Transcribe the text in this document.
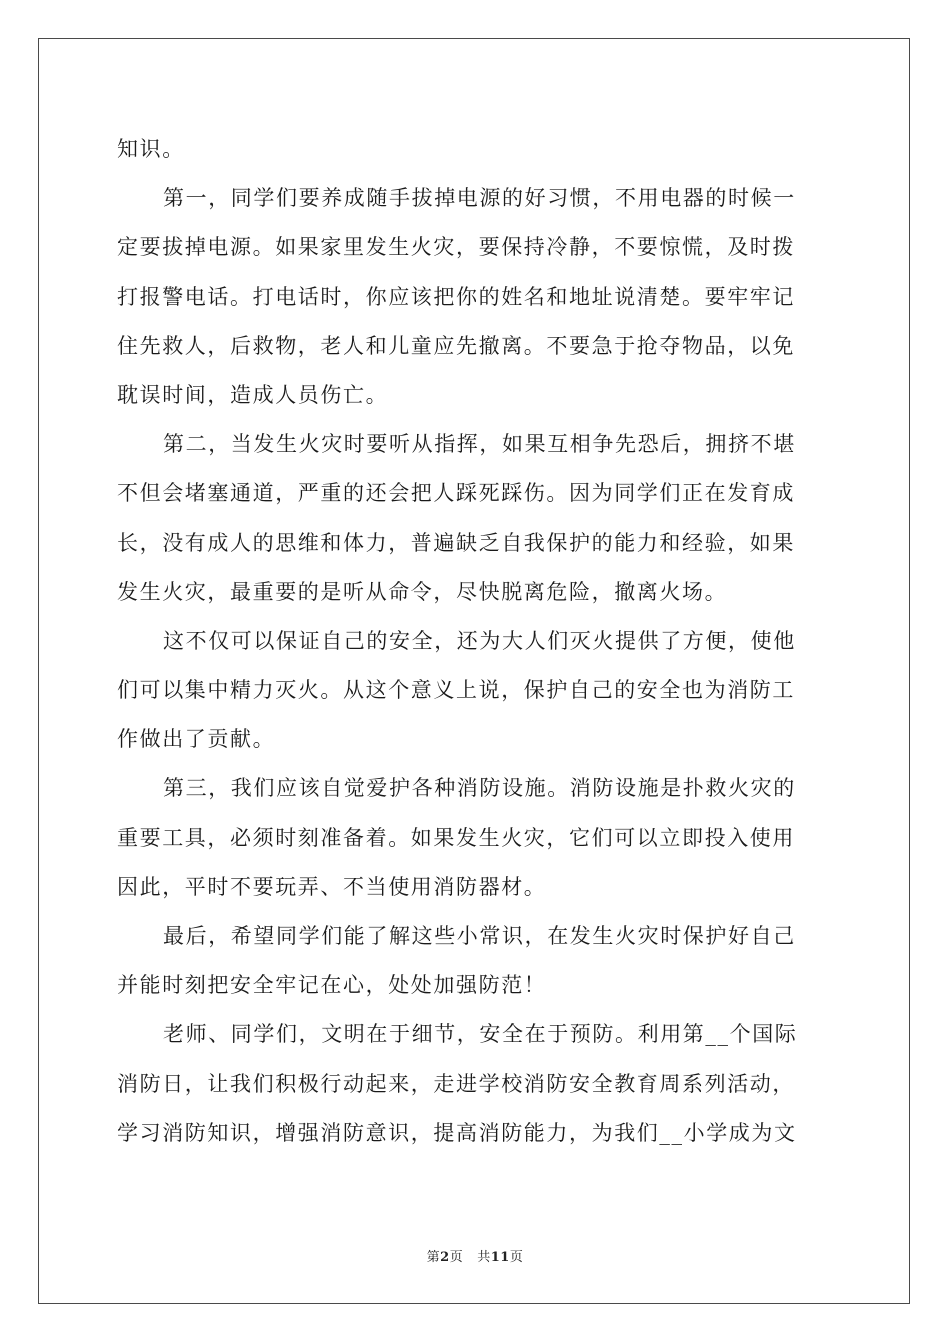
知识。
第一，同学们要养成随手拔掉电源的好习惯，不用电器的时候一
定要拔掉电源。如果家里发生火灾，要保持冷静，不要惊慌，及时拨
打报警电话。打电话时，你应该把你的姓名和地址说清楚。要牢牢记
住先救人，后救物，老人和儿童应先撤离。不要急于抢夺物品，以免
耽误时间，造成人员伤亡。
第二，当发生火灾时要听从指挥，如果互相争先恐后，拥挤不堪
不但会堵塞通道，严重的还会把人踩死踩伤。因为同学们正在发育成
长，没有成人的思维和体力，普遍缺乏自我保护的能力和经验，如果
发生火灾，最重要的是听从命令，尽快脱离危险，撤离火场。
这不仅可以保证自己的安全，还为大人们灭火提供了方便，使他
们可以集中精力灭火。从这个意义上说，保护自己的安全也为消防工
作做出了贡献。
第三，我们应该自觉爱护各种消防设施。消防设施是扑救火灾的
重要工具，必须时刻准备着。如果发生火灾，它们可以立即投入使用
因此，平时不要玩弄、不当使用消防器材。
最后，希望同学们能了解这些小常识，在发生火灾时保护好自己
并能时刻把安全牢记在心，处处加强防范！
老师、同学们，文明在于细节，安全在于预防。利用第__个国际
消防日，让我们积极行动起来，走进学校消防安全教育周系列活动，
学习消防知识，增强消防意识，提高消防能力，为我们__小学成为文
第2页 共11页
